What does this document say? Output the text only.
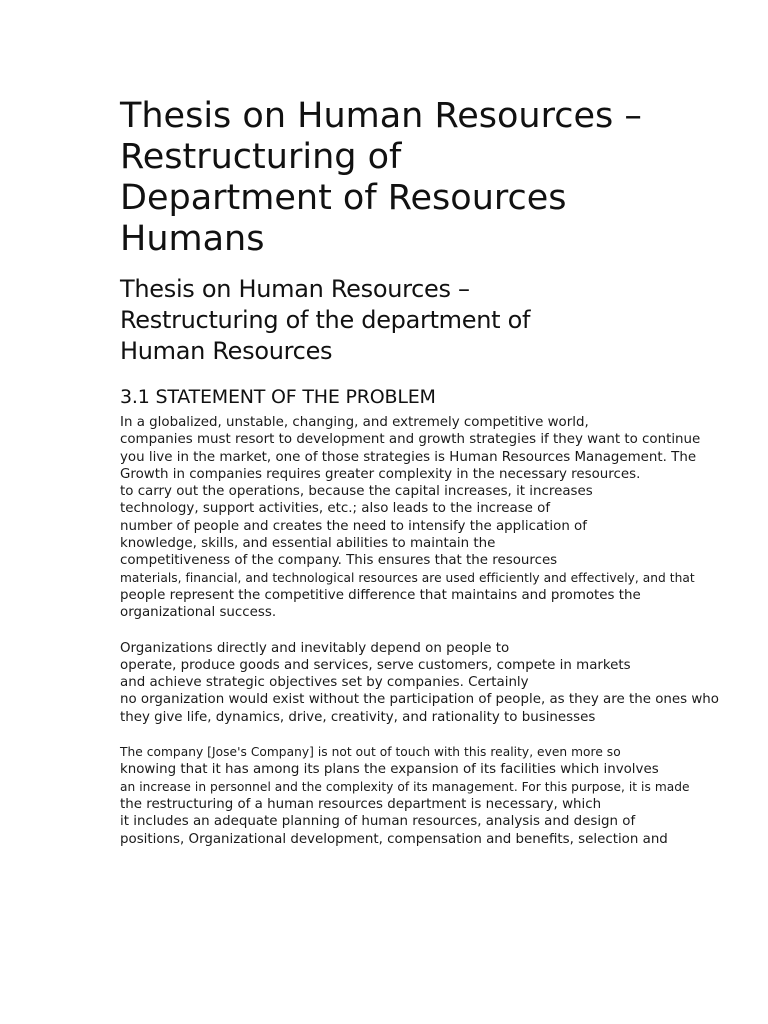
Thesis on Human Resources –
Restructuring of
Department of Resources
Humans
Thesis on Human Resources –
Restructuring of the department of
Human Resources
3.1 STATEMENT OF THE PROBLEM

In a globalized, unstable, changing, and extremely competitive world,
companies must resort to development and growth strategies if they want to continue
you live in the market, one of those strategies is Human Resources Management. The
Growth in companies requires greater complexity in the necessary resources.
to carry out the operations, because the capital increases, it increases
technology, support activities, etc.; also leads to the increase of
number of people and creates the need to intensify the application of
knowledge, skills, and essential abilities to maintain the
competitiveness of the company. This ensures that the resources
materials, financial, and technological resources are used efficiently and effectively, and that
people represent the competitive difference that maintains and promotes the
organizational success.

Organizations directly and inevitably depend on people to
operate, produce goods and services, serve customers, compete in markets
and achieve strategic objectives set by companies. Certainly
no organization would exist without the participation of people, as they are the ones who
they give life, dynamics, drive, creativity, and rationality to businesses

The company [Jose's Company] is not out of touch with this reality, even more so
knowing that it has among its plans the expansion of its facilities which involves
an increase in personnel and the complexity of its management. For this purpose, it is made
the restructuring of a human resources department is necessary, which
it includes an adequate planning of human resources, analysis and design of
positions, Organizational development, compensation and benefits, selection and
